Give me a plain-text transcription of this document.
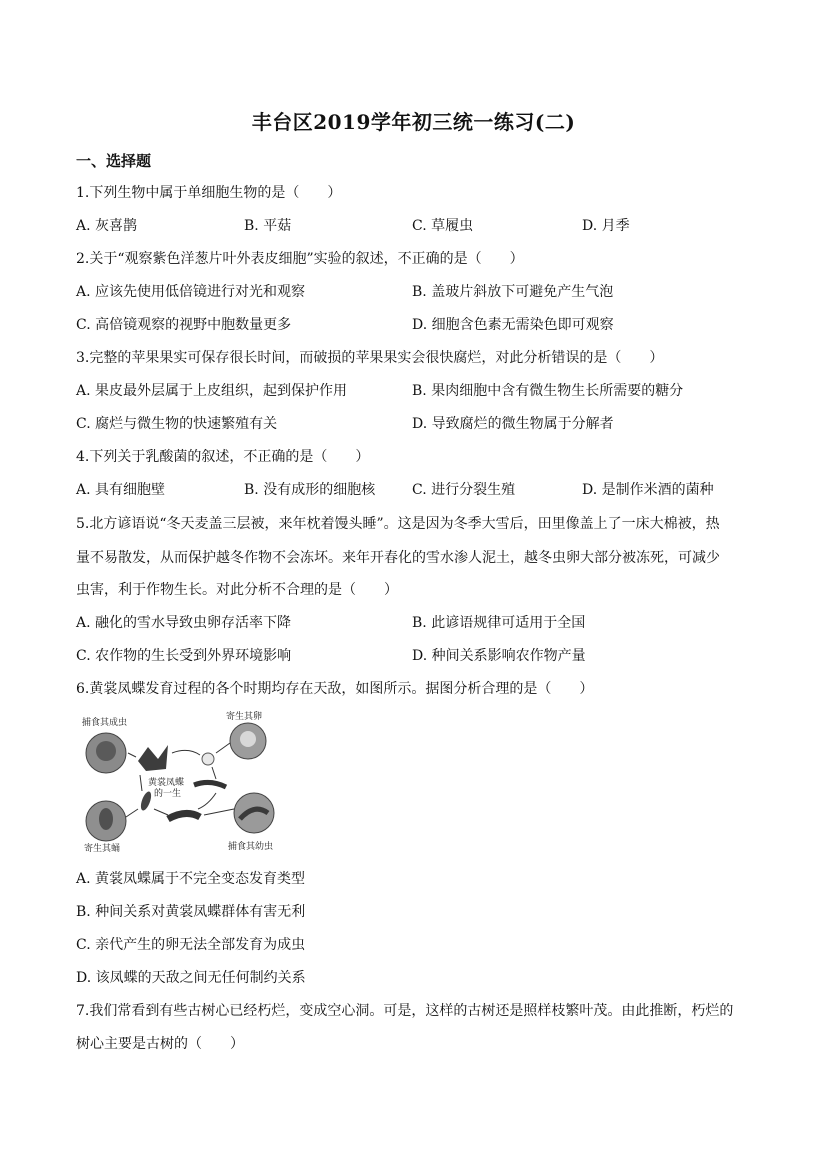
丰台区2019学年初三统一练习(二)
一、选择题
1.下列生物中属于单细胞生物的是（　　）
A. 灰喜鹊	B. 平菇	C. 草履虫	D. 月季
2.关于“观察紫色洋葱片叶外表皮细胞”实验的叙述，不正确的是（　　）
A. 应该先使用低倍镜进行对光和观察	B. 盖玻片斜放下可避免产生气泡
C. 高倍镜观察的视野中胞数量更多	D. 细胞含色素无需染色即可观察
3.完整的苹果果实可保存很长时间，而破损的苹果果实会很快腐烂，对此分析错误的是（　　）
A. 果皮最外层属于上皮组织，起到保护作用	B. 果肉细胞中含有微生物生长所需要的糖分
C. 腐烂与微生物的快速繁殖有关	D. 导致腐烂的微生物属于分解者
4.下列关于乳酸菌的叙述，不正确的是（　　）
A. 具有细胞壁	B. 没有成形的细胞核	C. 进行分裂生殖	D. 是制作米酒的菌种
5.北方谚语说“冬天麦盖三层被，来年枕着馒头睡”。这是因为冬季大雪后，田里像盖上了一床大棉被，热
量不易散发，从而保护越冬作物不会冻坏。来年开春化的雪水渗人泥土，越冬虫卵大部分被冻死，可减少
虫害，利于作物生长。对此分析不合理的是（　　）
A. 融化的雪水导致虫卵存活率下降	B. 此谚语规律可适用于全国
C. 农作物的生长受到外界环境影响	D. 种间关系影响农作物产量
6.黄裳凤蝶发育过程的各个时期均存在天敌，如图所示。据图分析合理的是（　　）
捕食其成虫
寄生其卵
黄裳凤蝶
的一生
寄生其蛹	捕食其幼虫
A. 黄裳凤蝶属于不完全变态发育类型
B. 种间关系对黄裳凤蝶群体有害无利
C. 亲代产生的卵无法全部发育为成虫
D. 该凤蝶的天敌之间无任何制约关系
7.我们常看到有些古树心已经朽烂，变成空心洞。可是，这样的古树还是照样枝繁叶茂。由此推断，朽烂的
树心主要是古树的（　　）
